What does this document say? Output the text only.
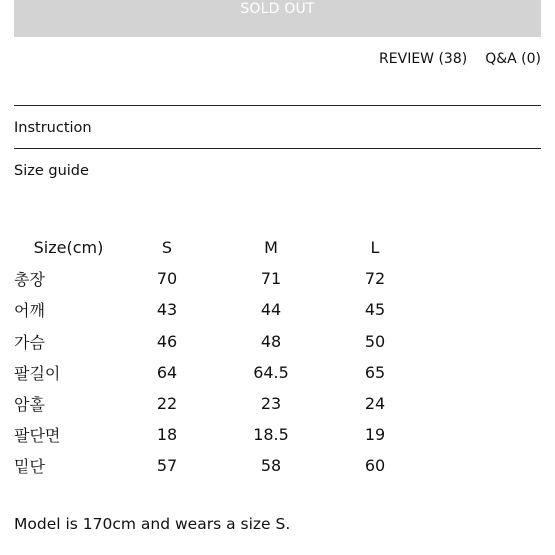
SOLD OUT
REVIEW (38) Q&A (0)
Instruction
Size guide
Size(cm)	S	M	L
총장	70	71	72
어깨	43	44	45
가슴	46	48	50
팔길이	64	64.5	65
암홀	22	23	24
팔단면	18	18.5	19
밑단	57	58	60
Model is 170cm and wears a size S.
